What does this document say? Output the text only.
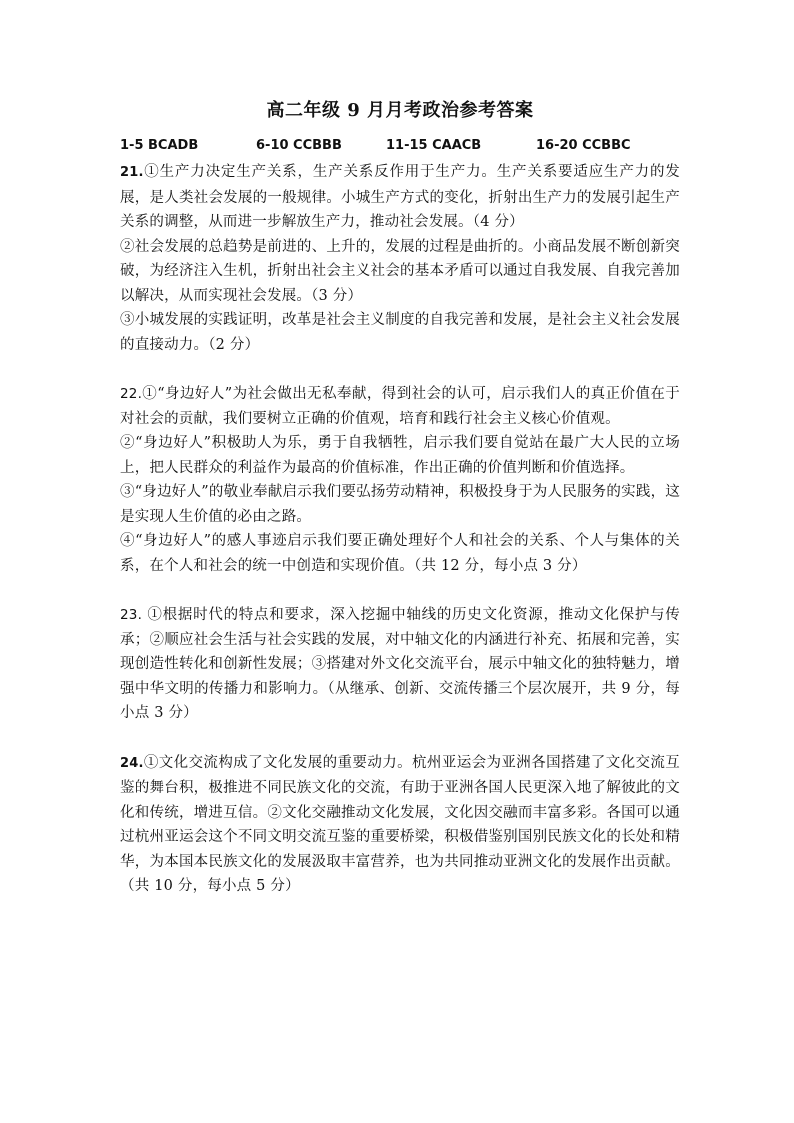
高二年级 9 月月考政治参考答案
1-5 BCADB	6-10 CCBBB	11-15 CAACB	16-20 CCBBC

21.①生产力决定生产关系，生产关系反作用于生产力。生产关系要适应生产力的发展，是人类社会发展的一般规律。小城生产方式的变化，折射出生产力的发展引起生产关系的调整，从而进一步解放生产力，推动社会发展。（4 分）

②社会发展的总趋势是前进的、上升的，发展的过程是曲折的。小商品发展不断创新突破，为经济注入生机，折射出社会主义社会的基本矛盾可以通过自我发展、自我完善加以解决，从而实现社会发展。（3 分）

③小城发展的实践证明，改革是社会主义制度的自我完善和发展，是社会主义社会发展的直接动力。（2 分）

22.①“身边好人”为社会做出无私奉献，得到社会的认可，启示我们人的真正价值在于对社会的贡献，我们要树立正确的价值观，培育和践行社会主义核心价值观。

②“身边好人”积极助人为乐，勇于自我牺牲，启示我们要自觉站在最广大人民的立场上，把人民群众的利益作为最高的价值标准，作出正确的价值判断和价值选择。

③“身边好人”的敬业奉献启示我们要弘扬劳动精神，积极投身于为人民服务的实践，这是实现人生价值的必由之路。

④“身边好人”的感人事迹启示我们要正确处理好个人和社会的关系、个人与集体的关系，在个人和社会的统一中创造和实现价值。（共 12 分，每小点 3 分）

23. ①根据时代的特点和要求，深入挖掘中轴线的历史文化资源，推动文化保护与传承；②顺应社会生活与社会实践的发展，对中轴文化的内涵进行补充、拓展和完善，实现创造性转化和创新性发展；③搭建对外文化交流平台，展示中轴文化的独特魅力，增强中华文明的传播力和影响力。（从继承、创新、交流传播三个层次展开，共 9 分，每小点 3 分）

24.①文化交流构成了文化发展的重要动力。杭州亚运会为亚洲各国搭建了文化交流互鉴的舞台积，极推进不同民族文化的交流，有助于亚洲各国人民更深入地了解彼此的文化和传统，增进互信。②文化交融推动文化发展，文化因交融而丰富多彩。各国可以通过杭州亚运会这个不同文明交流互鉴的重要桥梁，积极借鉴别国别民族文化的长处和精华，为本国本民族文化的发展汲取丰富营养，也为共同推动亚洲文化的发展作出贡献。（共 10 分，每小点 5 分）
